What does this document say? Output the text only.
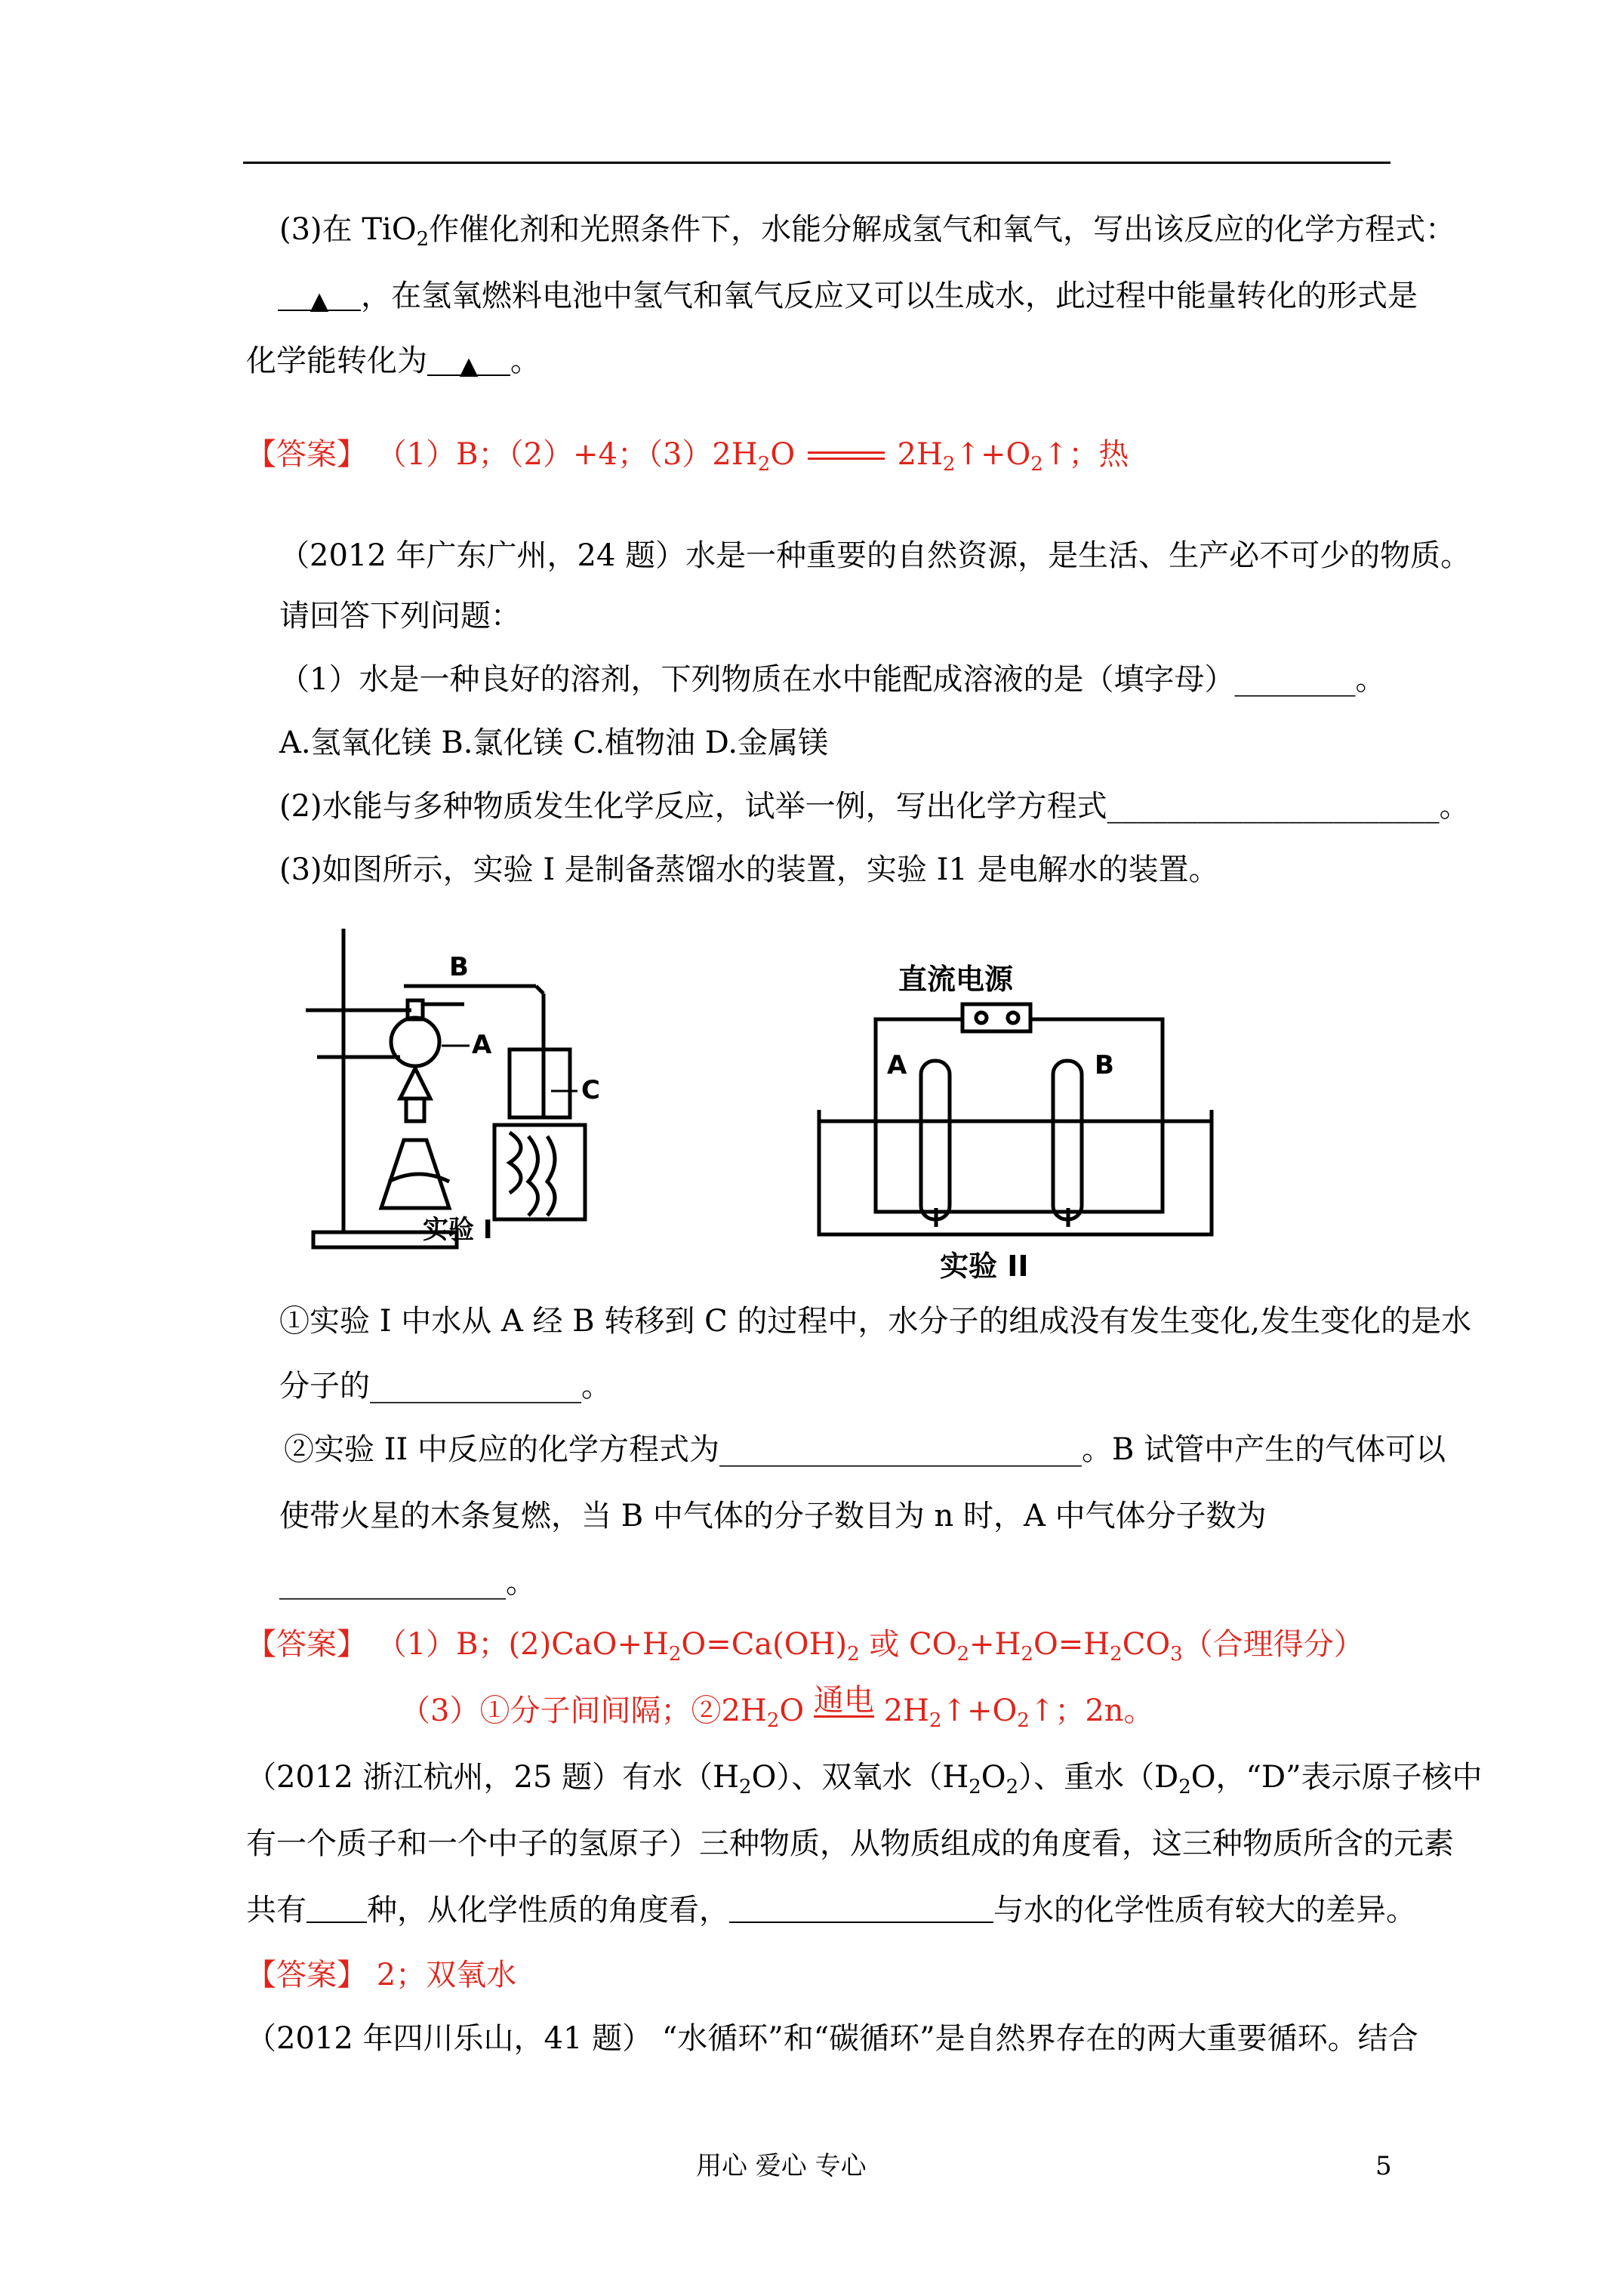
(3)在 TiO$_2$作催化剂和光照条件下，水能分解成氢气和氧气，写出该反应的化学方程式：
▲ ，在氢氧燃料电池中氢气和氧气反应又可以生成水，此过程中能量转化的形式是
化学能转化为 ▲ 。
【答案】 （1）B；（2）+4；$(3)2H_2O$	$2H_2↑+O_2↑$；热
（2012 年广东广州，24 题）水是一种重要的自然资源，是生活、生产必不可少的物质。
请回答下列问题：
（1）水是一种良好的溶剂，下列物质在水中能配成溶液的是（填字母）________。
A.氢氧化镁 B.氯化镁 C.植物油 D.金属镁
(2)水能与多种物质发生化学反应，试举一例，写出化学方程式______________________。
(3)如图所示，实验 I 是制备蒸馏水的装置，实验 I1 是电解水的装置。
B
A
C
实验 I
直流电源
A	B
实验 II
①实验 I 中水从 A 经 B 转移到 C 的过程中，水分子的组成没有发生变化,发生变化的是水
分子的______________。
②实验 II 中反应的化学方程式为________________________。B 试管中产生的气体可以
使带火星的木条复燃，当 B 中气体的分子数目为 n 时，A 中气体分子数为
_______________。
【答案】 （1）B；$(2)CaO+H_2O=Ca(OH)_2$ 或 $CO_2+H_2O=H_2CO_3$（合理得分）
（3）①分子间间隔；$②2H_2O$ 通电 $2H_2↑+O_2↑$；2n。
（2012 浙江杭州，25 题）有水$(H_2O)$、双氧水$(H_2O_2)$、重水（$D_2O$，“D”表示原子核中
有一个质子和一个中子的氢原子）三种物质，从物质组成的角度看，这三种物质所含的元素
共有 种，从化学性质的角度看，	与水的化学性质有较大的差异。
【答案】 2；双氧水
（2012 年四川乐山，41 题） “水循环”和“碳循环”是自然界存在的两大重要循环。结合
用心 爱心 专心	5
